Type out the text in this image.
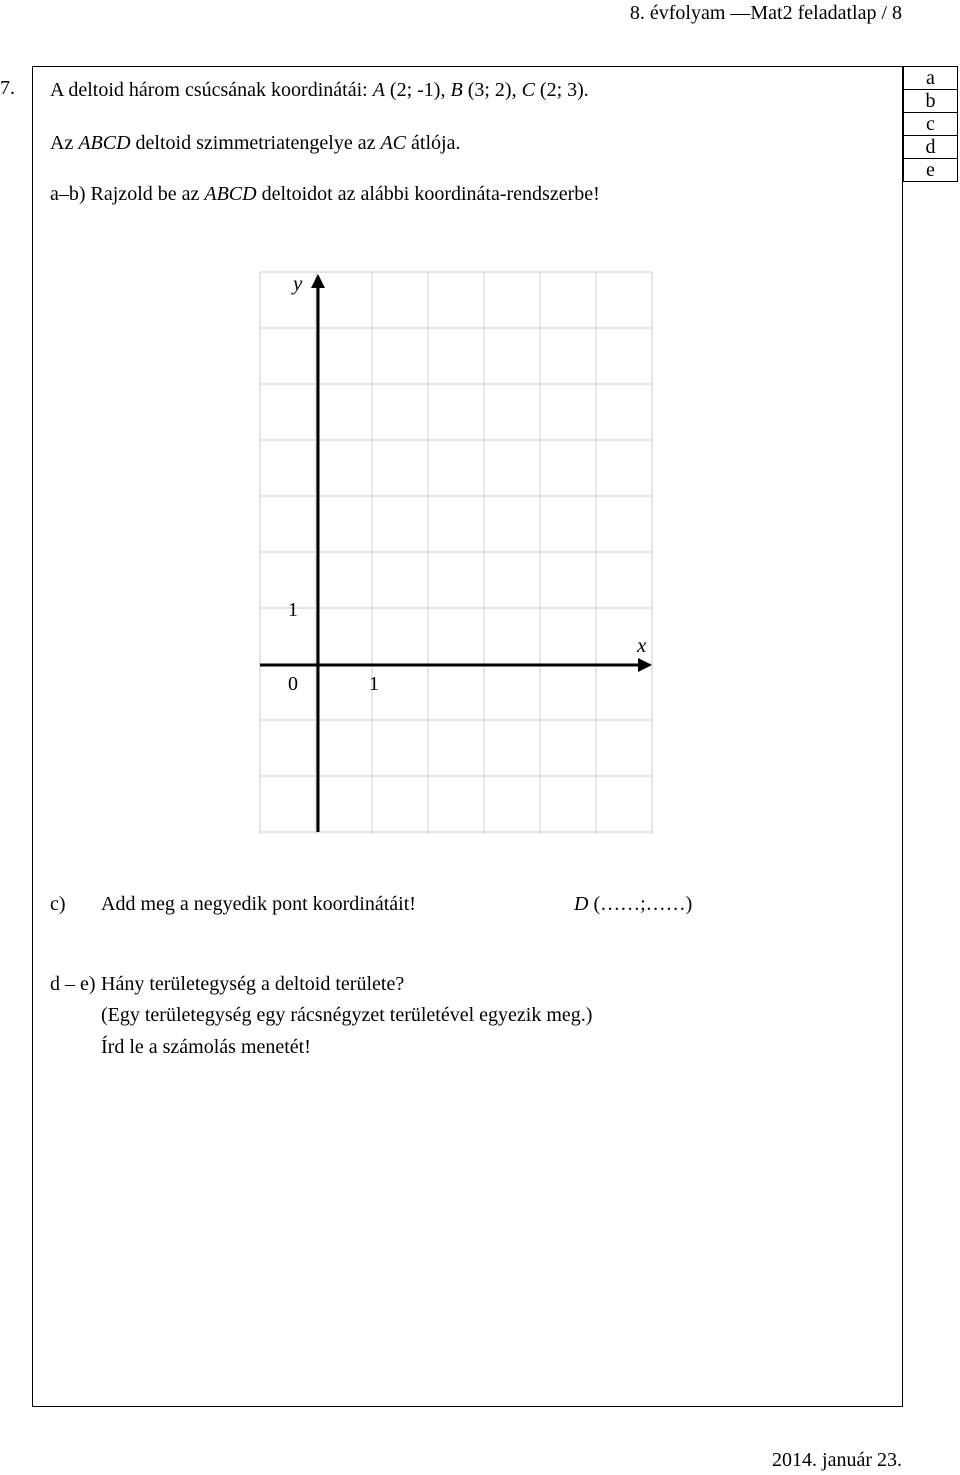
8. évfolyam —Mat2 feladatlap / 8
7. A deltoid három csúcsának koordinátái: A (2; -1), B (3; 2), C (2; 3).
Az ABCD deltoid szimmetriatengelye az AC átlója.
a–b) Rajzold be az ABCD deltoidot az alábbi koordináta-rendszerbe!
a
b
c
d
e
y
x
0	1
1
c) Add meg a negyedik pont koordinátáit!	D (……;……)
d – e) Hány területegység a deltoid területe?
(Egy területegység egy rácsnégyzet területével egyezik meg.)
Írd le a számolás menetét!
2014. január 23.
